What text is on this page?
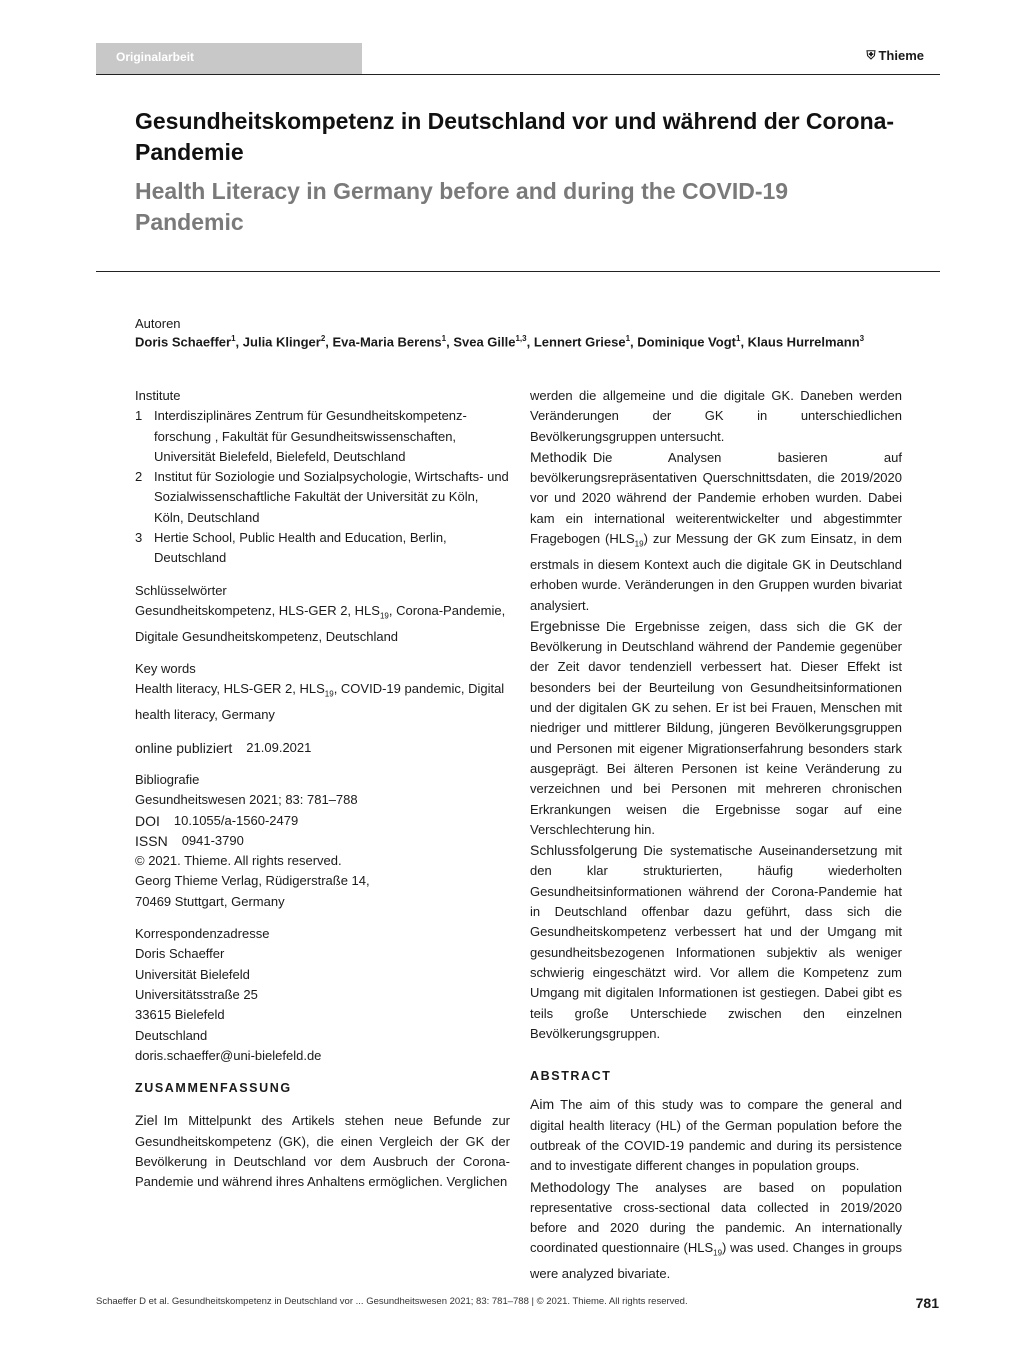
Originalarbeit	⛨ Thieme
Gesundheitskompetenz in Deutschland vor und während der Corona-Pandemie
Health Literacy in Germany before and during the COVID-19 Pandemic
Autoren
Doris Schaeffer$^1$, Julia Klinger$^2$, Eva-Maria Berens$^1$, Svea Gille$^{1,3}$, Lennert Griese$^1$, Dominique Vogt$^1$, Klaus Hurrelmann$^3$
Institute
1 Interdisziplinäres Zentrum für Gesundheitskompetenzforschung , Fakultät für Gesundheitswissenschaften, Universität Bielefeld, Bielefeld, Deutschland
2 Institut für Soziologie und Sozialpsychologie, Wirtschafts- und Sozialwissenschaftliche Fakultät der Universität zu Köln, Köln, Deutschland
3 Hertie School, Public Health and Education, Berlin, Deutschland
Schlüsselwörter
Gesundheitskompetenz, HLS-GER 2, $HLS_{19}$, Corona-Pandemie, Digitale Gesundheitskompetenz, Deutschland
Key words
Health literacy, HLS-GER 2, $HLS_{19}$, COVID-19 pandemic, Digital health literacy, Germany
online publiziert 21.09.2021
Bibliografie
Gesundheitswesen 2021; 83: 781–788
DOI 10.1055/a-1560-2479
ISSN 0941-3790
© 2021. Thieme. All rights reserved.
Georg Thieme Verlag, Rüdigerstraße 14,
70469 Stuttgart, Germany
Korrespondenzadresse
Doris Schaeffer
Universität Bielefeld
Universitätsstraße 25
33615 Bielefeld
Deutschland
doris.schaeffer@uni-bielefeld.de
ZUSAMMENFASSUNG

Ziel Im Mittelpunkt des Artikels stehen neue Befunde zur Gesundheitskompetenz (GK), die einen Vergleich der GK der Bevölkerung in Deutschland vor dem Ausbruch der Corona-Pandemie und während ihres Anhaltens ermöglichen. Verglichen

werden die allgemeine und die digitale GK. Daneben werden Veränderungen der GK in unterschiedlichen Bevölkerungsgruppen untersucht.

Methodik Die Analysen basieren auf bevölkerungsrepräsentativen Querschnittsdaten, die 2019/2020 vor und 2020 während der Pandemie erhoben wurden. Dabei kam ein international weiterentwickelter und abgestimmter Fragebogen $(HLS_{19})$ zur Messung der GK zum Einsatz, in dem erstmals in diesem Kontext auch die digitale GK in Deutschland erhoben wurde. Veränderungen in den Gruppen wurden bivariat analysiert.

Ergebnisse Die Ergebnisse zeigen, dass sich die GK der Bevölkerung in Deutschland während der Pandemie gegenüber der Zeit davor tendenziell verbessert hat. Dieser Effekt ist besonders bei der Beurteilung von Gesundheitsinformationen und der digitalen GK zu sehen. Er ist bei Frauen, Menschen mit niedriger und mittlerer Bildung, jüngeren Bevölkerungsgruppen und Personen mit eigener Migrationserfahrung besonders stark ausgeprägt. Bei älteren Personen ist keine Veränderung zu verzeichnen und bei Personen mit mehreren chronischen Erkrankungen weisen die Ergebnisse sogar auf eine Verschlechterung hin.

Schlussfolgerung Die systematische Auseinandersetzung mit den klar strukturierten, häufig wiederholten Gesundheitsinformationen während der Corona-Pandemie hat in Deutschland offenbar dazu geführt, dass sich die Gesundheitskompetenz verbessert hat und der Umgang mit gesundheitsbezogenen Informationen subjektiv als weniger schwierig eingeschätzt wird. Vor allem die Kompetenz zum Umgang mit digitalen Informationen ist gestiegen. Dabei gibt es teils große Unterschiede zwischen den einzelnen Bevölkerungsgruppen.

ABSTRACT

Aim The aim of this study was to compare the general and digital health literacy (HL) of the German population before the outbreak of the COVID-19 pandemic and during its persistence and to investigate different changes in population groups.

Methodology The analyses are based on population representative cross-sectional data collected in 2019/2020 before and 2020 during the pandemic. An internationally coordinated questionnaire $(HLS_{19})$ was used. Changes in groups were analyzed bivariate.

Schaeffer D et al. Gesundheitskompetenz in Deutschland vor ... Gesundheitswesen 2021; 83: 781–788 | © 2021. Thieme. All rights reserved.	781
